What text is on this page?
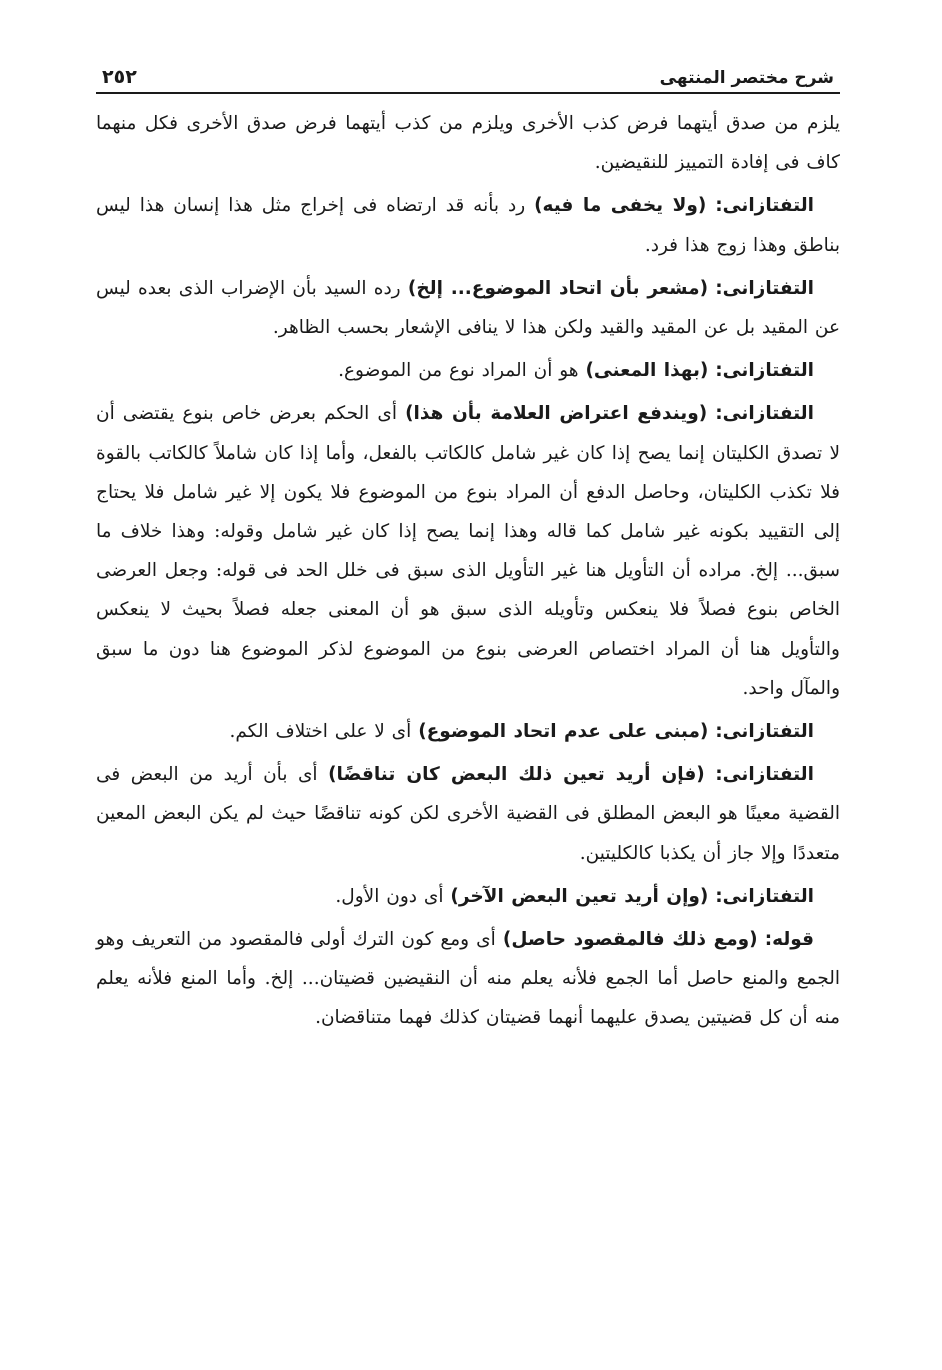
شرح مختصر المنتهى
٢٥٢

يلزم من صدق أيتهما فرض كذب الأخرى ويلزم من كذب أيتهما فرض صدق الأخرى فكل منهما كاف فى إفادة التمييز للنقيضين.

التفتازانى: (ولا يخفى ما فيه) رد بأنه قد ارتضاه فى إخراج مثل هذا إنسان هذا ليس بناطق وهذا زوج هذا فرد.

التفتازانى: (مشعر بأن اتحاد الموضوع... إلخ) رده السيد بأن الإضراب الذى بعده ليس عن المقيد بل عن المقيد والقيد ولكن هذا لا ينافى الإشعار بحسب الظاهر.

التفتازانى: (بهذا المعنى) هو أن المراد نوع من الموضوع.

التفتازانى: (ويندفع اعتراض العلامة بأن هذا) أى الحكم بعرض خاص بنوع يقتضى أن لا تصدق الكليتان إنما يصح إذا كان غير شامل كالكاتب بالفعل، وأما إذا كان شاملاً كالكاتب بالقوة فلا تكذب الكليتان، وحاصل الدفع أن المراد بنوع من الموضوع فلا يكون إلا غير شامل فلا يحتاج إلى التقييد بكونه غير شامل كما قاله وهذا إنما يصح إذا كان غير شامل وقوله: وهذا خلاف ما سبق... إلخ. مراده أن التأويل هنا غير التأويل الذى سبق فى خلل الحد فى قوله: وجعل العرضى الخاص بنوع فصلاً فلا ينعكس وتأويله الذى سبق هو أن المعنى جعله فصلاً بحيث لا ينعكس والتأويل هنا أن المراد اختصاص العرضى بنوع من الموضوع لذكر الموضوع هنا دون ما سبق والمآل واحد.

التفتازانى: (مبنى على عدم اتحاد الموضوع) أى لا على اختلاف الكم.

التفتازانى: (فإن أريد تعين ذلك البعض كان تناقضًا) أى بأن أريد من البعض فى القضية معينًا هو البعض المطلق فى القضية الأخرى لكن كونه تناقضًا حيث لم يكن البعض المعين متعددًا وإلا جاز أن يكذبا كالكليتين.

التفتازانى: (وإن أريد تعين البعض الآخر) أى دون الأول.

قوله: (ومع ذلك فالمقصود حاصل) أى ومع كون الترك أولى فالمقصود من التعريف وهو الجمع والمنع حاصل أما الجمع فلأنه يعلم منه أن النقيضين قضيتان... إلخ. وأما المنع فلأنه يعلم منه أن كل قضيتين يصدق عليهما أنهما قضيتان كذلك فهما متناقضان.
